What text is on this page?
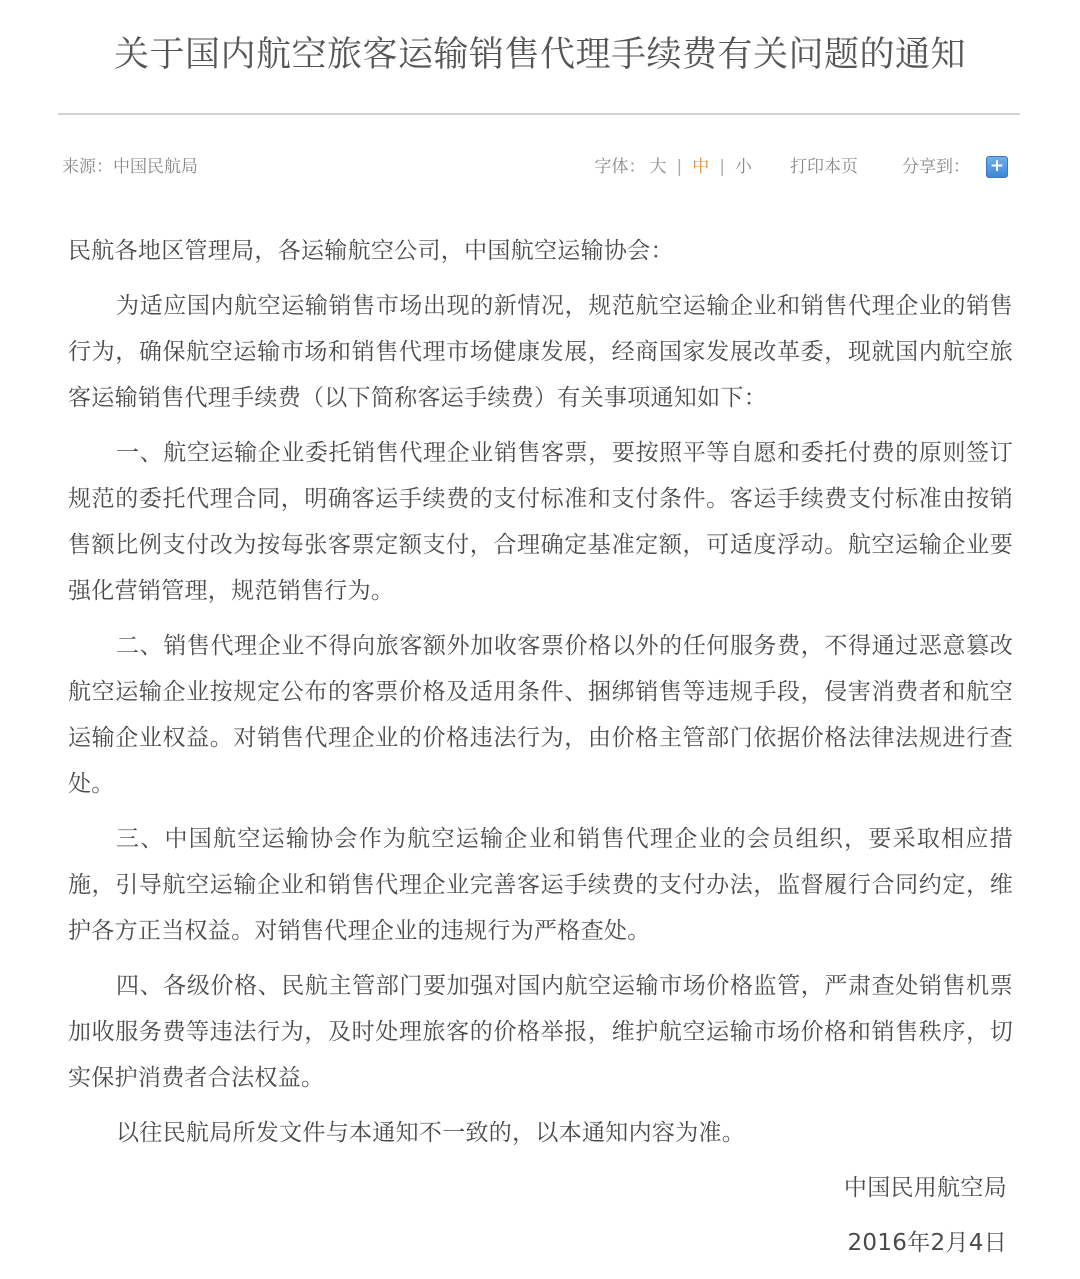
关于国内航空旅客运输销售代理手续费有关问题的通知
来源：中国民航局	字体： 大 | 中 | 小 打印本页	分享到： +

民航各地区管理局，各运输航空公司，中国航空运输协会：

为适应国内航空运输销售市场出现的新情况，规范航空运输企业和销售代理企业的销售行为，确保航空运输市场和销售代理市场健康发展，经商国家发展改革委，现就国内航空旅客运输销售代理手续费（以下简称客运手续费）有关事项通知如下：

一、航空运输企业委托销售代理企业销售客票，要按照平等自愿和委托付费的原则签订规范的委托代理合同，明确客运手续费的支付标准和支付条件。客运手续费支付标准由按销售额比例支付改为按每张客票定额支付，合理确定基准定额，可适度浮动。航空运输企业要强化营销管理，规范销售行为。

二、销售代理企业不得向旅客额外加收客票价格以外的任何服务费，不得通过恶意篡改航空运输企业按规定公布的客票价格及适用条件、捆绑销售等违规手段，侵害消费者和航空运输企业权益。对销售代理企业的价格违法行为，由价格主管部门依据价格法律法规进行查处。

三、中国航空运输协会作为航空运输企业和销售代理企业的会员组织，要采取相应措施，引导航空运输企业和销售代理企业完善客运手续费的支付办法，监督履行合同约定，维护各方正当权益。对销售代理企业的违规行为严格查处。

四、各级价格、民航主管部门要加强对国内航空运输市场价格监管，严肃查处销售机票加收服务费等违法行为，及时处理旅客的价格举报，维护航空运输市场价格和销售秩序，切实保护消费者合法权益。

以往民航局所发文件与本通知不一致的，以本通知内容为准。

中国民用航空局

2016年2月4日
